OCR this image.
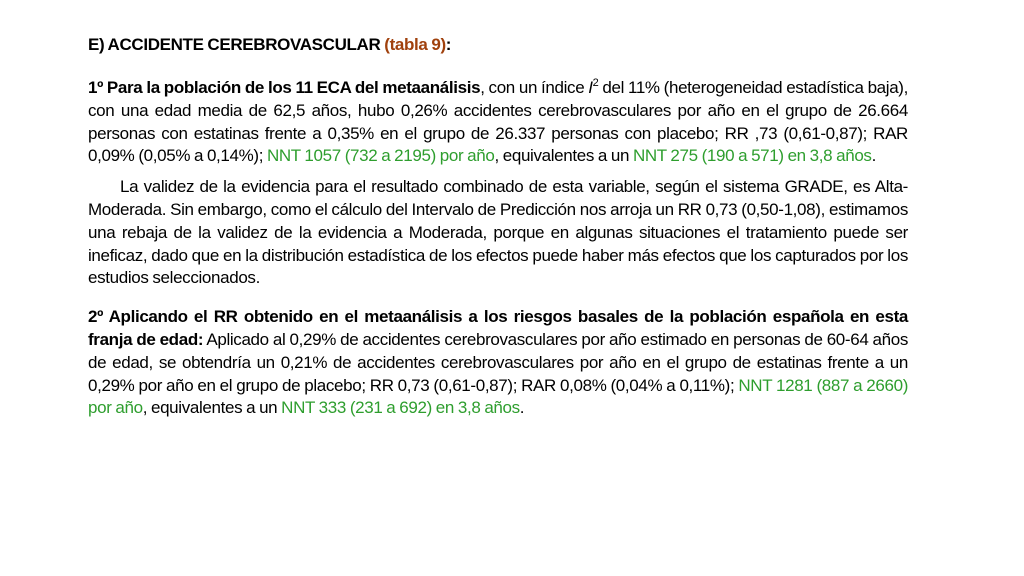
E) ACCIDENTE CEREBROVASCULAR (tabla 9):

1º Para la población de los 11 ECA del metaanálisis, con un índice $I^2$ del 11% (heterogeneidad estadística baja), con una edad media de 62,5 años, hubo 0,26% accidentes cerebrovasculares por año en el grupo de 26.664 personas con estatinas frente a 0,35% en el grupo de 26.337 personas con placebo; RR ,73 (0,61-0,87); RAR 0,09% (0,05% a 0,14%); NNT 1057 (732 a 2195) por año, equivalentes a un NNT 275 (190 a 571) en 3,8 años.

La validez de la evidencia para el resultado combinado de esta variable, según el sistema GRADE, es Alta-Moderada. Sin embargo, como el cálculo del Intervalo de Predicción nos arroja un RR 0,73 (0,50-1,08), estimamos una rebaja de la validez de la evidencia a Moderada, porque en algunas situaciones el tratamiento puede ser ineficaz, dado que en la distribución estadística de los efectos puede haber más efectos que los capturados por los estudios seleccionados.

2º Aplicando el RR obtenido en el metaanálisis a los riesgos basales de la población española en esta franja de edad: Aplicado al 0,29% de accidentes cerebrovasculares por año estimado en personas de 60-64 años de edad, se obtendría un 0,21% de accidentes cerebrovasculares por año en el grupo de estatinas frente a un 0,29% por año en el grupo de placebo; RR 0,73 (0,61-0,87); RAR 0,08% (0,04% a 0,11%); NNT 1281 (887 a 2660) por año, equivalentes a un NNT 333 (231 a 692) en 3,8 años.
